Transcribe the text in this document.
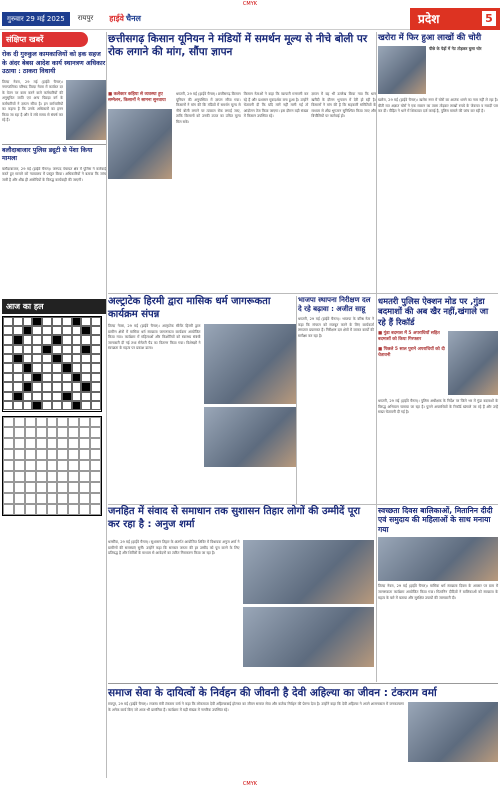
CMYK
गुरुवार 29 मई 2025	रायपुर हाईवे चैनल	प्रदेश	5
संक्षिप्त खबरें
रोक दी गुरुकुल कामकाजियों को हक सहज के अंदर बेबस आदेश कार्य स्थानत्रण अधिकार उठाया : ठाकरा विधायी
तिल्दा नेवरा, 29 मई (हाईवे चैनल)। नगरपालिका परिषद तिल्दा नेवरा में कार्यरत दर के वेतन पर काम करने वाले कर्मचारियों की अनुसूचित जाति एवं अन्य पिछड़ा वर्ग के कर्मचारियों ने ज्ञापन सौंपा है। इन कर्मचारियों का कहना है कि उनके अधिकारों का हनन किया जा रहा है और वे लंबे समय से संघर्ष कर रहे हैं।
बलौदाबाजार पुलिस ड्यूटी से पेंशा किया मामला
बलौदाबाजार, 29 मई (हाईवे चैनल)। जनपद पंचायत क्षेत्र में पुलिस ने कार्रवाई करते हुए मामले को न्यायालय में प्रस्तुत किया। अधिकारियों ने बताया कि जांच जारी है और शीघ्र ही आरोपियों के विरुद्ध कार्यवाही की जाएगी।
आज का हल
छत्तीसगढ़ किसान यूनियन ने मंडियों में समर्थन मूल्य से नीचे बोली पर रोक लगाने की मांग, सौंपा ज्ञापन
■ कलेक्टर कहिया से व्यवस्था हुए सम्मेलन, किसानों ने सामना सुनवाया
धमतरी, 29 मई (हाईवे चैनल)। छत्तीसगढ़ किसान यूनियन की अनुपस्थित में ज्ञापन सौंपा गया। किसानों ने मांग की कि मंडियों में समर्थन मूल्य से नीचे बोली लगाने पर तत्काल रोक लगाई जाए, ताकि किसानों को उनकी उपज का उचित मूल्य मिल सके।
किसान नेताओं ने कहा कि व्यापारी मनमानी कर रहे हैं और प्रशासन मूकदर्शक बना हुआ है। उन्होंने चेतावनी दी कि यदि मांगें नहीं मानी गईं तो आंदोलन तेज किया जाएगा। इस दौरान बड़ी संख्या में किसान उपस्थित रहे।
ज्ञापन में यह भी उल्लेख किया गया कि धान खरीदी के दौरान भुगतान में देरी हो रही है। किसानों ने मांग की है कि सहकारी समितियों के माध्यम से शीघ्र भुगतान सुनिश्चित किया जाए और बिचौलियों पर कार्रवाई हो।
खरोरा में फिर हुआ लाखों की चोरी
पीछे के पेड़ों में गेट तोड़कर घुसा चोर
खरोरा, 29 मई (हाईवे चैनल)। खरोरा नगर में चोरों का आतंक थमने का नाम नहीं ले रहा है। बीती रात अज्ञात चोरों ने एक मकान का ताला तोड़कर लाखों रुपये के जेवरात व नकदी पार कर दी। पीड़ित ने थाने में शिकायत दर्ज कराई है, पुलिस मामले की जांच कर रही है।
अल्ट्राटेक हिरमी द्वारा मासिक धर्म जागरूकता कार्यक्रम संपन्न
तिल्दा नेवरा, 29 मई (हाईवे चैनल)। अल्ट्राटेक सीमेंट हिरमी द्वारा ग्रामीण क्षेत्रों में मासिक धर्म स्वच्छता जागरूकता कार्यक्रम आयोजित किया गया। कार्यक्रम में महिलाओं और किशोरियों को स्वास्थ्य संबंधी जानकारी दी गई तथा सेनेटरी पैड का वितरण किया गया। विशेषज्ञों ने स्वच्छता के महत्व पर प्रकाश डाला।
भाजपा स्थापना निरीक्षण दल दे रहे बढ़ावा : अजीत साहू
धमतरी, 29 मई (हाईवे चैनल)। भाजपा के वरिष्ठ नेता ने कहा कि संगठन को मजबूत करने के लिए कार्यकर्ता लगातार प्रयासरत हैं। निरीक्षण दल क्षेत्रों में जाकर कार्यों की समीक्षा कर रहा है।
धमतरी पुलिस ऐक्शन मोड पर ,गुंडा बदमाशों की अब खैर नहीं,खंगाले जा रहे हैं रिकॉर्ड
■ गुंडा बदमाश में 5 अपराधियों सहित बदमाशों को किया गिरफ्तार
■ पिछले 5 साल पुराने अपराधियों को दी चेतावनी
धमतरी, 29 मई (हाईवे चैनल)। पुलिस अधीक्षक के निर्देश पर जिले भर में गुंडा बदमाशों के विरुद्ध अभियान चलाया जा रहा है। पुराने अपराधियों के रिकॉर्ड खंगाले जा रहे हैं और उन्हें सख्त चेतावनी दी गई है।
जनहित में संवाद से समाधान तक सुशासन तिहार लोगों की उम्मीदें पूरा कर रहा है : अनुज शर्मा
धरसींवा, 29 मई (हाईवे चैनल)। सुशासन तिहार के अंतर्गत आयोजित शिविर में विधायक अनुज शर्मा ने ग्रामीणों की समस्याएं सुनीं। उन्होंने कहा कि सरकार जनता की हर उम्मीद को पूरा करने के लिए प्रतिबद्ध है और शिविरों के माध्यम से आवेदनों का त्वरित निराकरण किया जा रहा है।
स्वच्छता दिवस बालिकाओं, मितानिन दीदी एवं समुदाय की महिलाओं के साथ मनाया गया
तिल्दा नेवरा, 29 मई (हाईवे चैनल)। मासिक धर्म स्वच्छता दिवस के अवसर पर ग्राम में जागरूकता कार्यक्रम आयोजित किया गया। मितानिन दीदियों ने बालिकाओं को स्वच्छता के महत्व के बारे में बताया और सुरक्षित उपायों की जानकारी दी।
समाज सेवा के दायित्वों के निर्वहन की जीवनी है देवी अहिल्या का जीवन : टंकराम वर्मा
रायपुर, 29 मई (हाईवे चैनल)। राजस्व मंत्री टंकराम वर्मा ने कहा कि लोकमाता देवी अहिल्याबाई होल्कर का जीवन समाज सेवा और कर्तव्य निर्वहन की प्रेरणा देता है। उन्होंने कहा कि देवी अहिल्या ने अपने शासनकाल में जनकल्याण के अनेक कार्य किए जो आज भी प्रासंगिक हैं। कार्यक्रम में बड़ी संख्या में नागरिक उपस्थित रहे।
CMYK
